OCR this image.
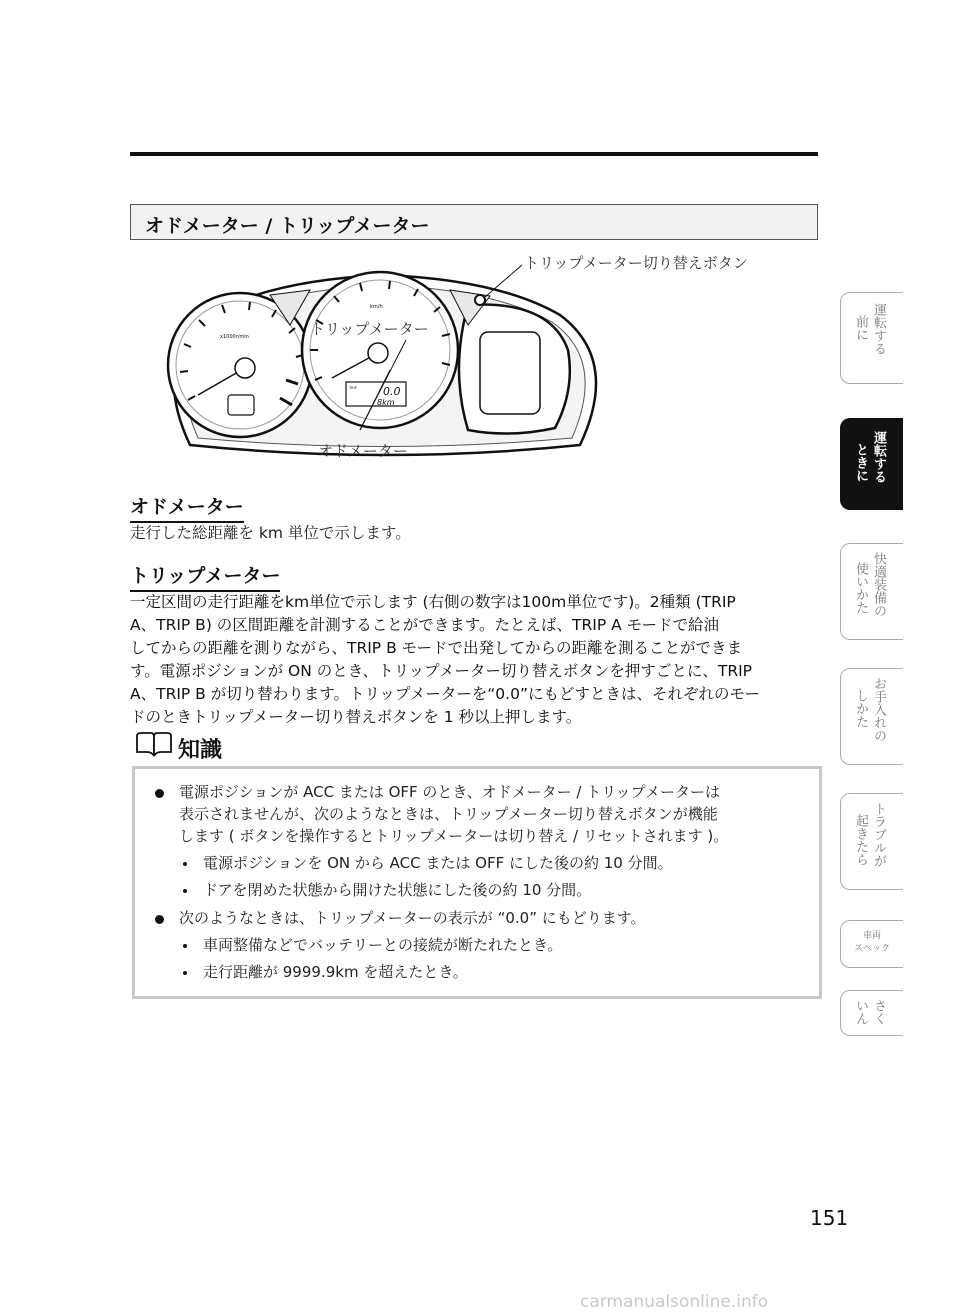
オドメーター / トリップメーター
x1000r/min
0.0
8km
TRIP
km/h
トリップメーター切り替えボタン
トリップメーター
オドメーター
オドメーター
走行した総距離を km 単位で示します。
トリップメーター
一定区間の走行距離をkm単位で示します (右側の数字は100m単位です)。2種類 (TRIP
A、TRIP B) の区間距離を計測することができます。たとえば、TRIP A モードで給油
してからの距離を測りながら、TRIP B モードで出発してからの距離を測ることができま
す。電源ポジションが ON のとき、トリップメーター切り替えボタンを押すごとに、TRIP
A、TRIP B が切り替わります。トリップメーターを“0.0”にもどすときは、それぞれのモー
ドのときトリップメーター切り替えボタンを 1 秒以上押します。
知識
電源ポジションが ACC または OFF のとき、オドメーター / トリップメーターは
表示されませんが、次のようなときは、トリップメーター切り替えボタンが機能
します ( ボタンを操作するとトリップメーターは切り替え / リセットされます )。
電源ポジションを ON から ACC または OFF にした後の約 10 分間。
ドアを閉めた状態から開けた状態にした後の約 10 分間。
次のようなときは、トリップメーターの表示が “0.0” にもどります。
車両整備などでバッテリーとの接続が断たれたとき。
走行距離が 9999.9km を超えたとき。
運転する
前に
運転する
ときに
快適装備の
使いかた
お手入れの
しかた
トラブルが
起きたら
車両
スペック
さく
いん
151
carmanualsonline.info
